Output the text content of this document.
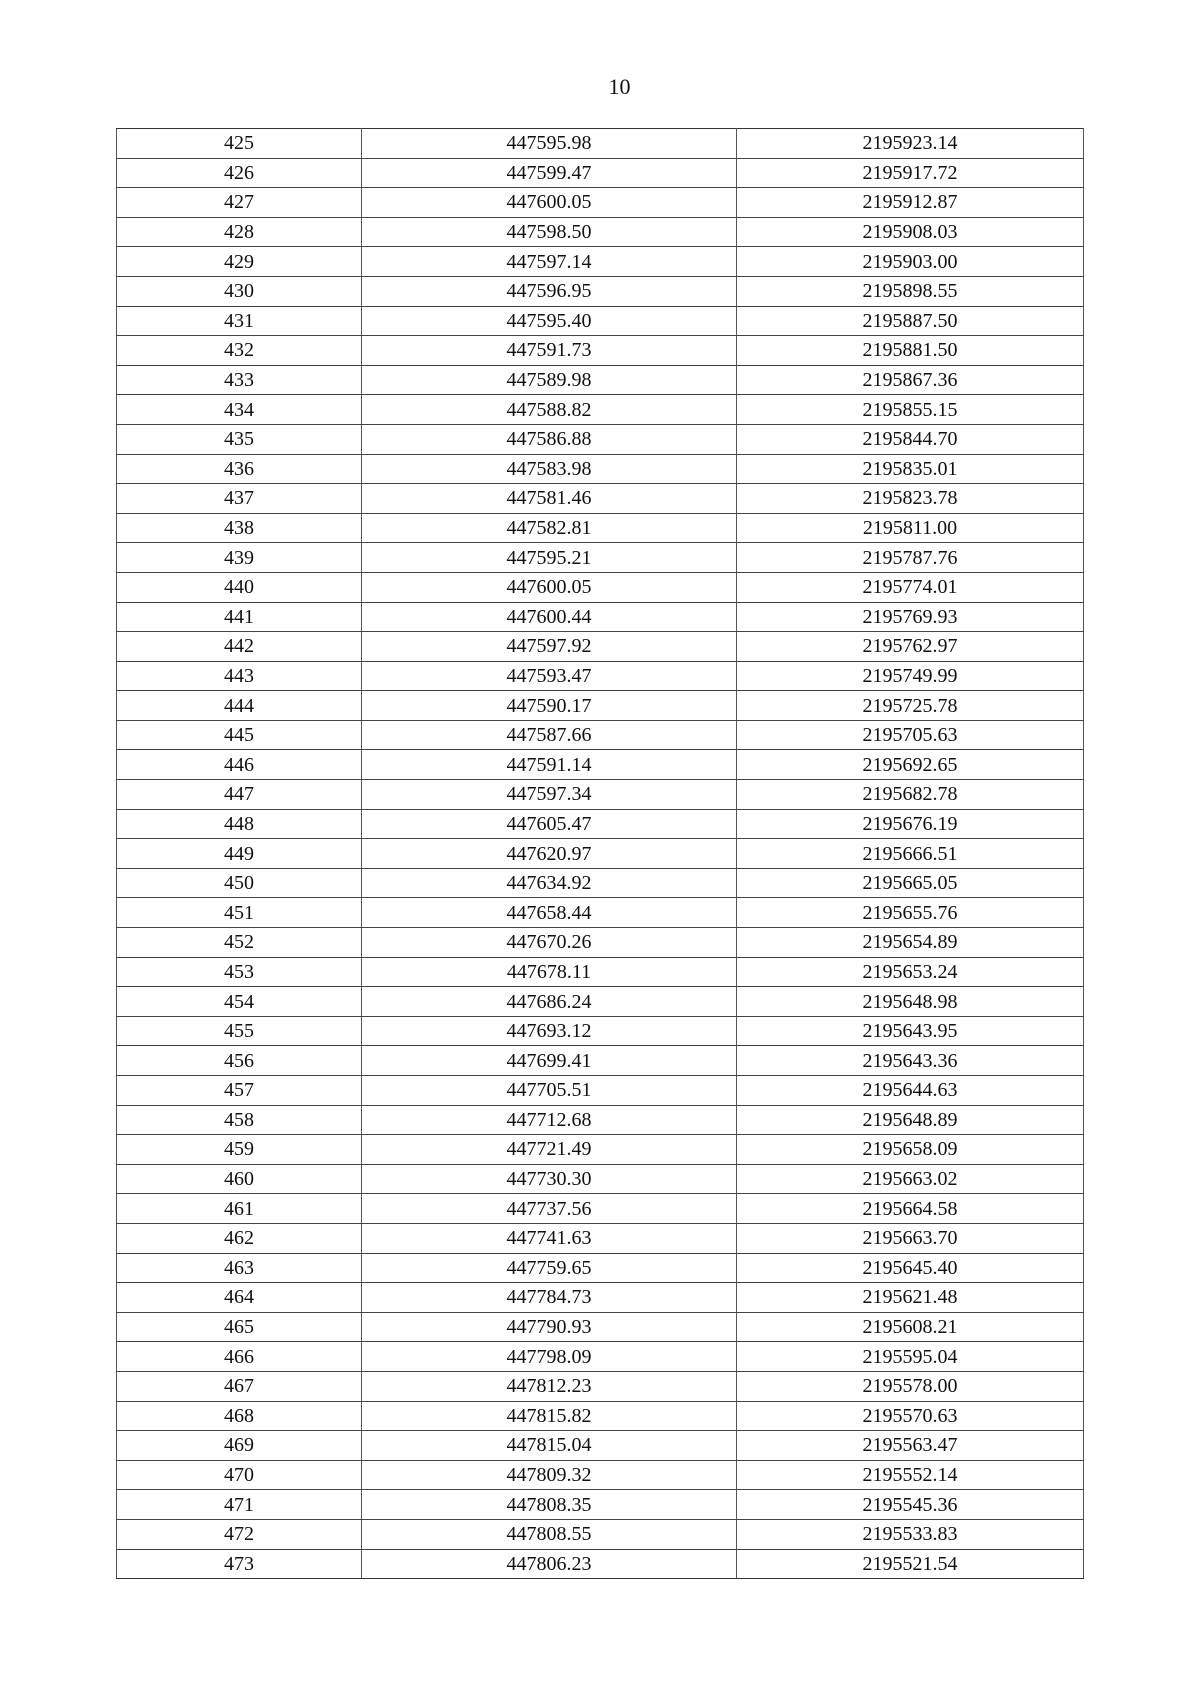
10
425	447595.98	2195923.14
426	447599.47	2195917.72
427	447600.05	2195912.87
428	447598.50	2195908.03
429	447597.14	2195903.00
430	447596.95	2195898.55
431	447595.40	2195887.50
432	447591.73	2195881.50
433	447589.98	2195867.36
434	447588.82	2195855.15
435	447586.88	2195844.70
436	447583.98	2195835.01
437	447581.46	2195823.78
438	447582.81	2195811.00
439	447595.21	2195787.76
440	447600.05	2195774.01
441	447600.44	2195769.93
442	447597.92	2195762.97
443	447593.47	2195749.99
444	447590.17	2195725.78
445	447587.66	2195705.63
446	447591.14	2195692.65
447	447597.34	2195682.78
448	447605.47	2195676.19
449	447620.97	2195666.51
450	447634.92	2195665.05
451	447658.44	2195655.76
452	447670.26	2195654.89
453	447678.11	2195653.24
454	447686.24	2195648.98
455	447693.12	2195643.95
456	447699.41	2195643.36
457	447705.51	2195644.63
458	447712.68	2195648.89
459	447721.49	2195658.09
460	447730.30	2195663.02
461	447737.56	2195664.58
462	447741.63	2195663.70
463	447759.65	2195645.40
464	447784.73	2195621.48
465	447790.93	2195608.21
466	447798.09	2195595.04
467	447812.23	2195578.00
468	447815.82	2195570.63
469	447815.04	2195563.47
470	447809.32	2195552.14
471	447808.35	2195545.36
472	447808.55	2195533.83
473	447806.23	2195521.54
